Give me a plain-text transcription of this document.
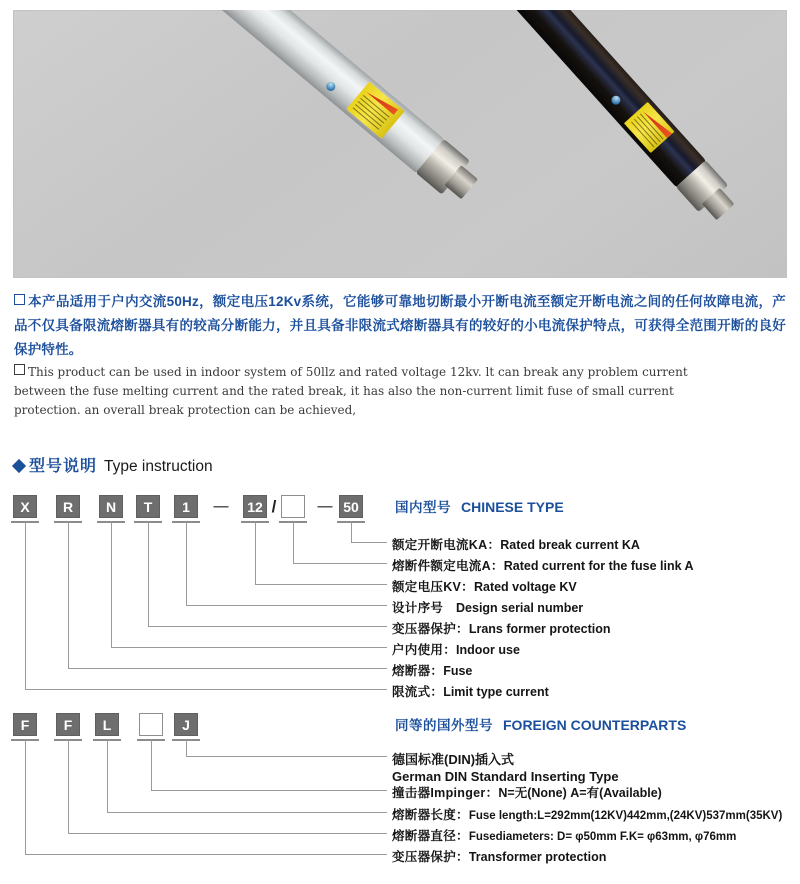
本产品适用于户内交流50Hz，额定电压12Kv系统，它能够可靠地切断最小开断电流至额定开断电流之间的任何故障电流，产品不仅具备限流熔断器具有的较高分断能力，并且具备非限流式熔断器具有的较好的小电流保护特点，可获得全范围开断的良好保护特性。
This product can be used in indoor system of 50llz and rated voltage 12kv. lt can break any problem current
between the fuse melting current and the rated break, it has also the non-current limit fuse of small current
protection. an overall break protection can be achieved,
型号说明 Type instruction
X	R	N	T	1	—	12 /	— 50	国内型号 CHINESE TYPE
额定开断电流KA：Rated break current KA
熔断件额定电流A：Rated current for the fuse link A
额定电压KV：Rated voltage KV
设计序号　Design serial number
变压器保护：Lrans former protection
户内使用：Indoor use
熔断器：Fuse
限流式：Limit type current
F	F	L	J	同等的国外型号 FOREIGN COUNTERPARTS
德国标准(DIN)插入式
German DIN Standard Inserting Type
撞击器Impinger：N=无(None) A=有(Available)
熔断器长度：Fuse length:L=292mm(12KV)442mm,(24KV)537mm(35KV)
熔断器直径：Fusediameters: D= φ50mm F.K= φ63mm, φ76mm
变压器保护：Transformer protection
